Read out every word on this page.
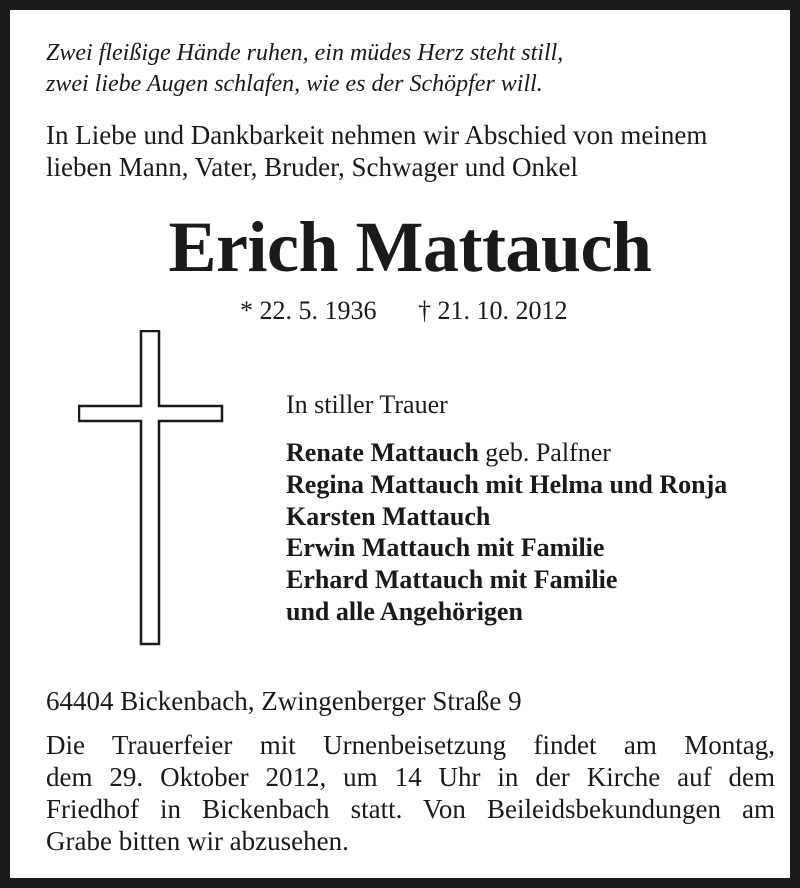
Zwei fleißige Hände ruhen, ein müdes Herz steht still,
zwei liebe Augen schlafen, wie es der Schöpfer will.
In Liebe und Dankbarkeit nehmen wir Abschied von meinem
lieben Mann, Vater, Bruder, Schwager und Onkel
Erich Mattauch
* 22. 5. 1936 † 21. 10. 2012
In stiller Trauer
Renate Mattauch geb. Palfner
Regina Mattauch mit Helma und Ronja
Karsten Mattauch
Erwin Mattauch mit Familie
Erhard Mattauch mit Familie
und alle Angehörigen
64404 Bickenbach, Zwingenberger Straße 9
Die Trauerfeier mit Urnenbeisetzung findet am Montag,
dem 29. Oktober 2012, um 14 Uhr in der Kirche auf dem
Friedhof in Bickenbach statt. Von Beileidsbekundungen am
Grabe bitten wir abzusehen.
